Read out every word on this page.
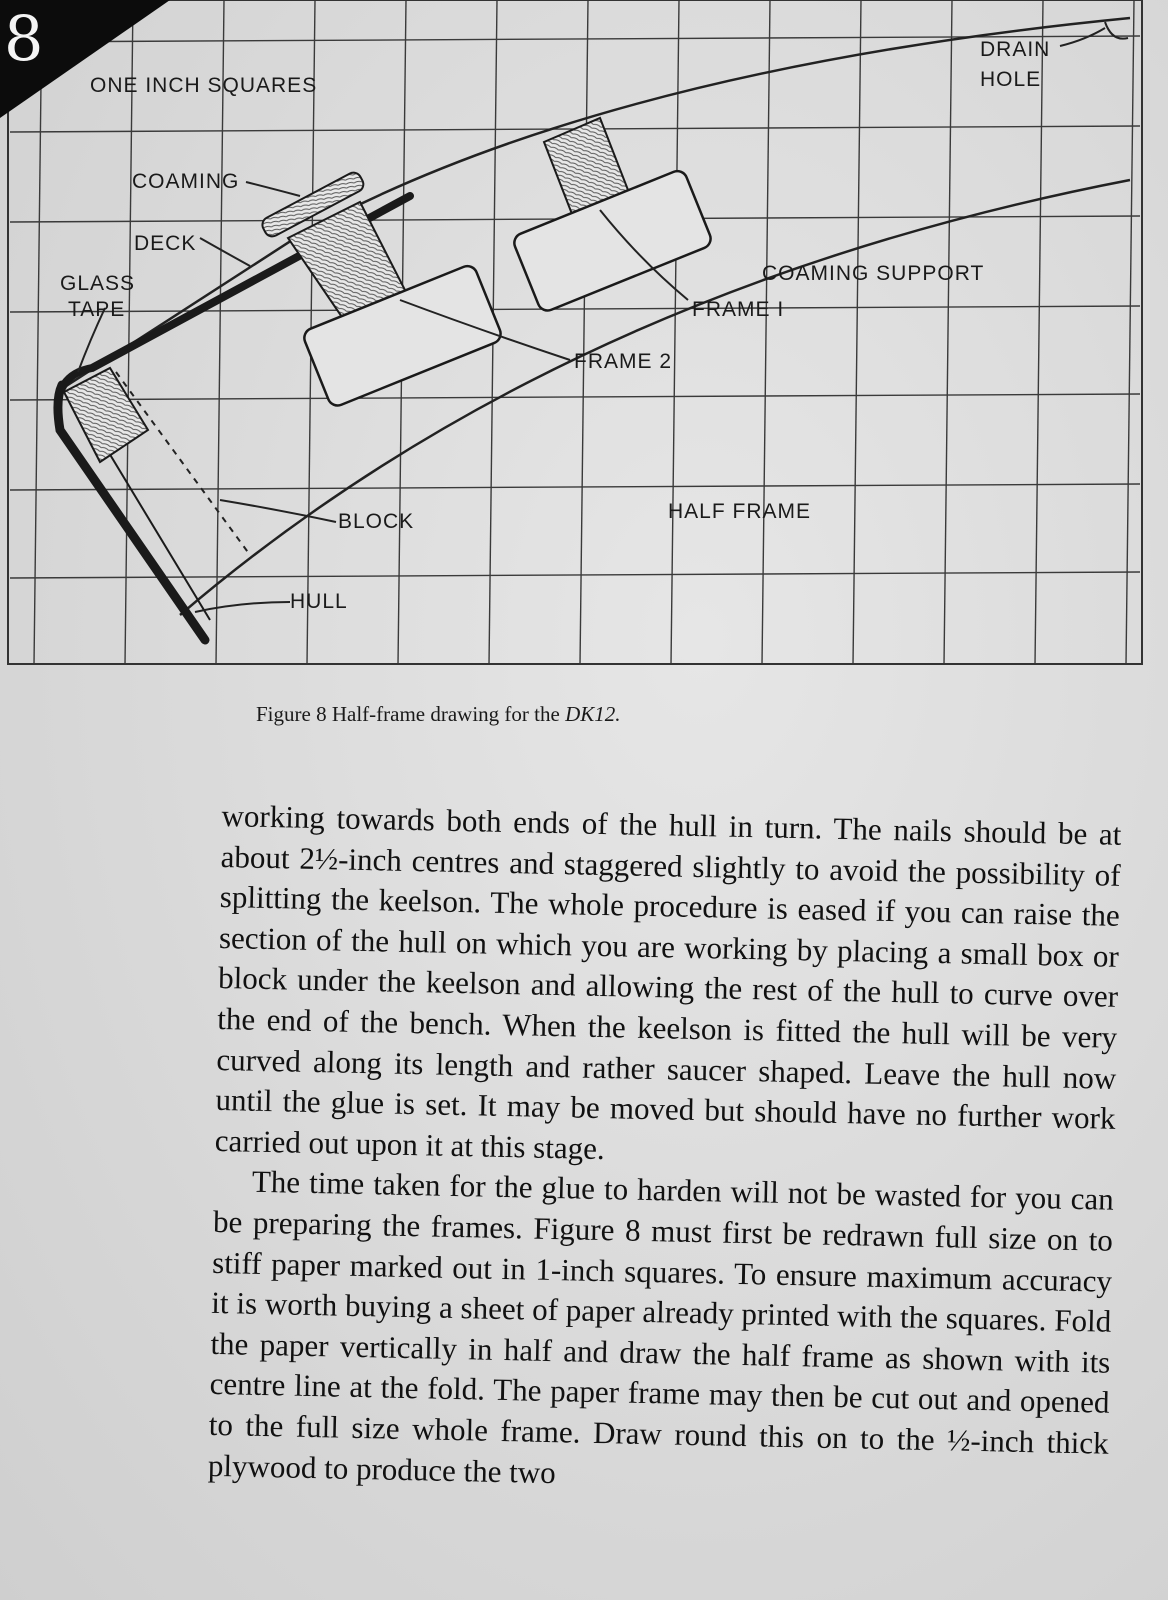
ONE INCH SQUARES
DRAIN
HOLE
COAMING
DECK
GLASS
TAPE
COAMING SUPPORT
FRAME I
FRAME 2
BLOCK	HALF FRAME
HULL
8
Figure 8 Half-frame drawing for the DK12.

working towards both ends of the hull in turn. The nails should be at about 2½-inch centres and staggered slightly to avoid the possibility of splitting the keelson. The whole procedure is eased if you can raise the section of the hull on which you are working by placing a small box or block under the keelson and allowing the rest of the hull to curve over the end of the bench. When the keelson is fitted the hull will be very curved along its length and rather saucer shaped. Leave the hull now until the glue is set. It may be moved but should have no further work carried out upon it at this stage.

The time taken for the glue to harden will not be wasted for you can be preparing the frames. Figure 8 must first be redrawn full size on to stiff paper marked out in 1-inch squares. To ensure maximum accuracy it is worth buying a sheet of paper already printed with the squares. Fold the paper vertically in half and draw the half frame as shown with its centre line at the fold. The paper frame may then be cut out and opened to the full size whole frame. Draw round this on to the ½-inch thick plywood to produce the two
